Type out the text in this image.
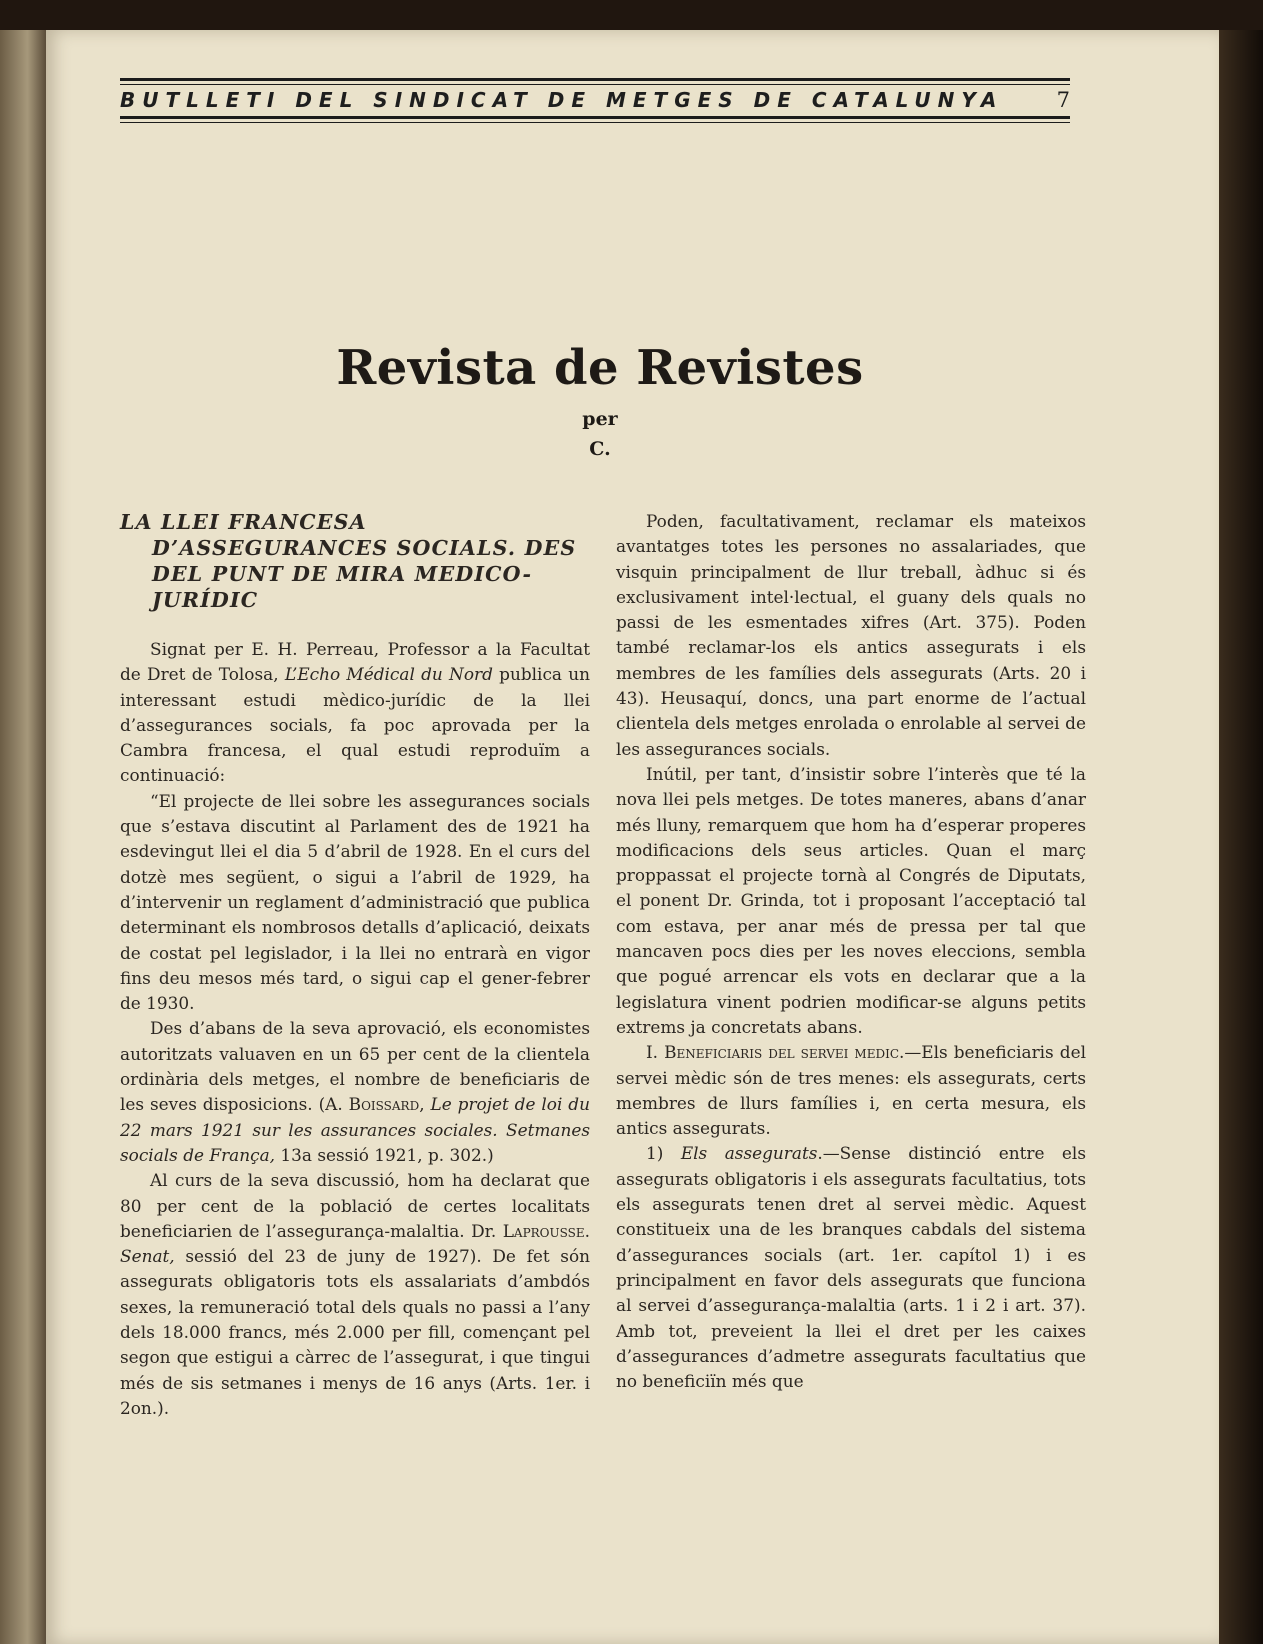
BUTLLETI DEL SINDICAT DE METGES DE CATALUNYA	7
Revista de Revistes
per
C.
LA LLEI FRANCESA D’ASSEGURANCES SOCIALS. DES DEL PUNT DE MIRA MEDICO-JURÍDIC

Signat per E. H. Perreau, Professor a la Facultat de Dret de Tolosa, L’Echo Médical du Nord publica un interessant estudi mèdico-jurídic de la llei d’assegurances socials, fa poc aprovada per la Cambra francesa, el qual estudi reproduïm a continuació:

“El projecte de llei sobre les assegurances socials que s’estava discutint al Parlament des de 1921 ha esdevingut llei el dia 5 d’abril de 1928. En el curs del dotzè mes següent, o sigui a l’abril de 1929, ha d’intervenir un reglament d’administració que publica determinant els nombrosos detalls d’aplicació, deixats de costat pel legislador, i la llei no entrarà en vigor fins deu mesos més tard, o sigui cap el gener-febrer de 1930.

Des d’abans de la seva aprovació, els economistes autoritzats valuaven en un 65 per cent de la clientela ordinària dels metges, el nombre de beneficiaris de les seves disposicions. (A. Boissard, Le projet de loi du 22 mars 1921 sur les assurances sociales. Setmanes socials de França, 13a sessió 1921, p. 302.)

Al curs de la seva discussió, hom ha declarat que 80 per cent de la població de certes localitats beneficiarien de l’assegurança-malaltia. Dr. Laprousse. Senat, sessió del 23 de juny de 1927). De fet són assegurats obligatoris tots els assalariats d’ambdós sexes, la remuneració total dels quals no passi a l’any dels 18.000 francs, més 2.000 per fill, començant pel segon que estigui a càrrec de l’assegurat, i que tingui més de sis setmanes i menys de 16 anys (Arts. 1er. i 2on.).

Poden, facultativament, reclamar els mateixos avantatges totes les persones no assalariades, que visquin principalment de llur treball, àdhuc si és exclusivament intel·lectual, el guany dels quals no passi de les esmentades xifres (Art. 375). Poden també reclamar-los els antics assegurats i els membres de les famílies dels assegurats (Arts. 20 i 43). Heusaquí, doncs, una part enorme de l’actual clientela dels metges enrolada o enrolable al servei de les assegurances socials.

Inútil, per tant, d’insistir sobre l’interès que té la nova llei pels metges. De totes maneres, abans d’anar més lluny, remarquem que hom ha d’esperar properes modificacions dels seus articles. Quan el març proppassat el projecte tornà al Congrés de Diputats, el ponent Dr. Grinda, tot i proposant l’acceptació tal com estava, per anar més de pressa per tal que mancaven pocs dies per les noves eleccions, sembla que pogué arrencar els vots en declarar que a la legislatura vinent podrien modificar-se alguns petits extrems ja concretats abans.

I. Beneficiaris del servei medic.—Els beneficiaris del servei mèdic són de tres menes: els assegurats, certs membres de llurs famílies i, en certa mesura, els antics assegurats.

1) Els assegurats.—Sense distinció entre els assegurats obligatoris i els assegurats facultatius, tots els assegurats tenen dret al servei mèdic. Aquest constitueix una de les branques cabdals del sistema d’assegurances socials (art. 1er. capítol 1) i es principalment en favor dels assegurats que funciona al servei d’assegurança-malaltia (arts. 1 i 2 i art. 37). Amb tot, preveient la llei el dret per les caixes d’assegurances d’admetre assegurats facultatius que no beneficiïn més que
